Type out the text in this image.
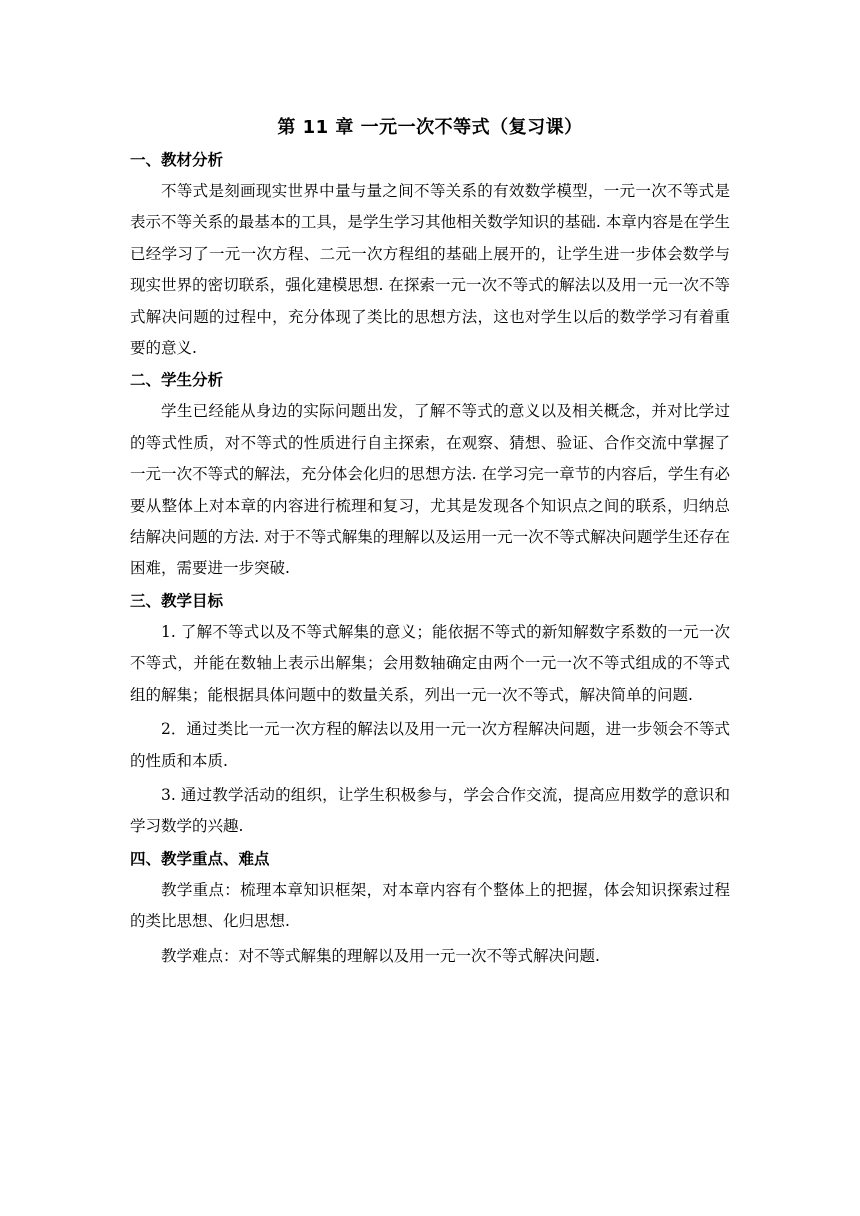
第 11 章 一元一次不等式（复习课）
一、教材分析

不等式是刻画现实世界中量与量之间不等关系的有效数学模型，一元一次不等式是表示不等关系的最基本的工具，是学生学习其他相关数学知识的基础. 本章内容是在学生已经学习了一元一次方程、二元一次方程组的基础上展开的，让学生进一步体会数学与现实世界的密切联系，强化建模思想. 在探索一元一次不等式的解法以及用一元一次不等式解决问题的过程中，充分体现了类比的思想方法，这也对学生以后的数学学习有着重要的意义.

二、学生分析

学生已经能从身边的实际问题出发，了解不等式的意义以及相关概念，并对比学过的等式性质，对不等式的性质进行自主探索，在观察、猜想、验证、合作交流中掌握了一元一次不等式的解法，充分体会化归的思想方法. 在学习完一章节的内容后，学生有必要从整体上对本章的内容进行梳理和复习，尤其是发现各个知识点之间的联系，归纳总结解决问题的方法. 对于不等式解集的理解以及运用一元一次不等式解决问题学生还存在困难，需要进一步突破.

三、教学目标

1. 了解不等式以及不等式解集的意义；能依据不等式的新知解数字系数的一元一次不等式，并能在数轴上表示出解集；会用数轴确定由两个一元一次不等式组成的不等式组的解集；能根据具体问题中的数量关系，列出一元一次不等式，解决简单的问题.

2．通过类比一元一次方程的解法以及用一元一次方程解决问题，进一步领会不等式的性质和本质.

3. 通过教学活动的组织，让学生积极参与，学会合作交流，提高应用数学的意识和学习数学的兴趣.

四、教学重点、难点

教学重点：梳理本章知识框架，对本章内容有个整体上的把握，体会知识探索过程的类比思想、化归思想.

教学难点：对不等式解集的理解以及用一元一次不等式解决问题.
